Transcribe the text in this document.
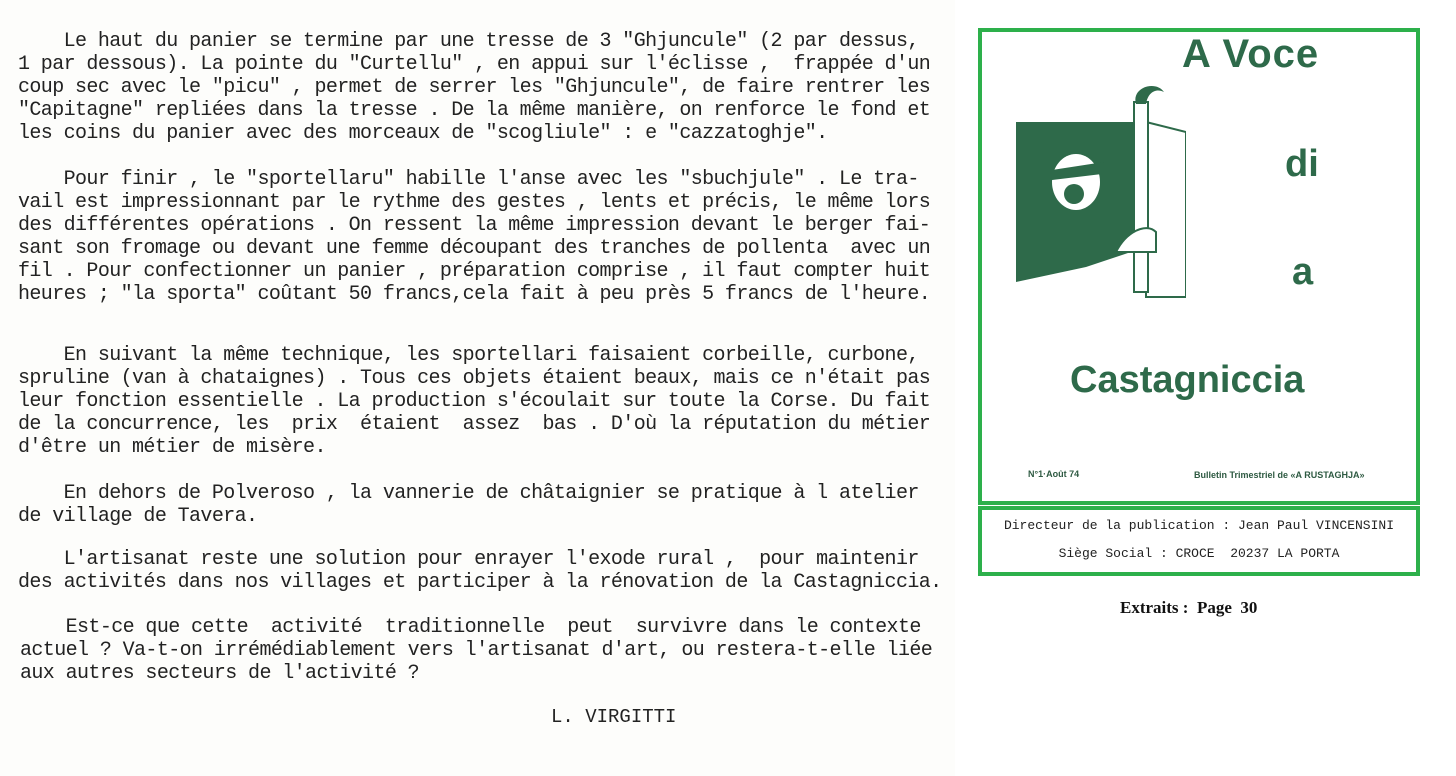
Le haut du panier se termine par une tresse de 3 "Ghjuncule" (2 par dessus,
1 par dessous). La pointe du "Curtellu" , en appui sur l'éclisse ,  frappée d'un
coup sec avec le "picu" , permet de serrer les "Ghjuncule", de faire rentrer les
"Capitagne" repliées dans la tresse . De la même manière, on renforce le fond et
les coins du panier avec des morceaux de "scogliule" : e "cazzatoghje".
Pour finir , le "sportellaru" habille l'anse avec les "sbuchjule" . Le tra-
vail est impressionnant par le rythme des gestes , lents et précis, le même lors
des différentes opérations . On ressent la même impression devant le berger fai-
sant son fromage ou devant une femme découpant des tranches de pollenta  avec un
fil . Pour confectionner un panier , préparation comprise , il faut compter huit
heures ; "la sporta" coûtant 50 francs,cela fait à peu près 5 francs de l'heure.
En suivant la même technique, les sportellari faisaient corbeille, curbone,
spruline (van à chataignes) . Tous ces objets étaient beaux, mais ce n'était pas
leur fonction essentielle . La production s'écoulait sur toute la Corse. Du fait
de la concurrence, les  prix  étaient  assez  bas . D'où la réputation du métier
d'être un métier de misère.
En dehors de Polveroso , la vannerie de châtaignier se pratique à l atelier
de village de Tavera.
L'artisanat reste une solution pour enrayer l'exode rural ,  pour maintenir
des activités dans nos villages et participer à la rénovation de la Castagniccia.
Est-ce que cette  activité  traditionnelle  peut  survivre dans le contexte
actuel ? Va-t-on irrémédiablement vers l'artisanat d'art, ou restera-t-elle liée
aux autres secteurs de l'activité ?
L. VIRGITTI
A Voce
di
a
Castagniccia
N°1·Août 74	Bulletin Trimestriel de «A RUSTAGHJA»
Directeur de la publication : Jean Paul VINCENSINI
Siège Social : CROCE  20237 LA PORTA
Extraits :  Page  30
